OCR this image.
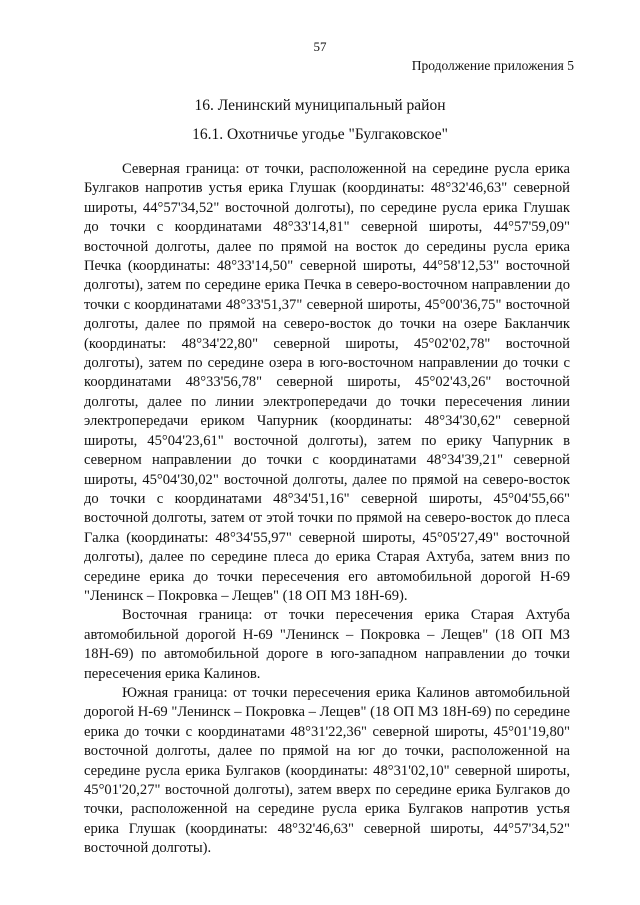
57
Продолжение приложения 5
16. Ленинский муниципальный район
16.1. Охотничье угодье "Булгаковское"

Северная граница: от точки, расположенной на середине русла ерика Булгаков напротив устья ерика Глушак (координаты: 48°32'46,63" северной широты, 44°57'34,52" восточной долготы), по середине русла ерика Глушак до точки с координатами 48°33'14,81" северной широты, 44°57'59,09" восточной долготы, далее по прямой на восток до середины русла ерика Печка (координаты: 48°33'14,50" северной широты, 44°58'12,53" восточной долготы), затем по середине ерика Печка в северо-восточном направлении до точки с координатами 48°33'51,37" северной широты, 45°00'36,75" восточной долготы, далее по прямой на северо-восток до точки на озере Бакланчик (координаты: 48°34'22,80" северной широты, 45°02'02,78" восточной долготы), затем по середине озера в юго-восточном направлении до точки с координатами 48°33'56,78" северной широты, 45°02'43,26" восточной долготы, далее по линии электропередачи до точки пересечения линии электропередачи ериком Чапурник (координаты: 48°34'30,62" северной широты, 45°04'23,61" восточной долготы), затем по ерику Чапурник в северном направлении до точки с координатами 48°34'39,21" северной широты, 45°04'30,02" восточной долготы, далее по прямой на северо-восток до точки с координатами 48°34'51,16" северной широты, 45°04'55,66" восточной долготы, затем от этой точки по прямой на северо-восток до плеса Галка (координаты: 48°34'55,97" северной широты, 45°05'27,49" восточной долготы), далее по середине плеса до ерика Старая Ахтуба, затем вниз по середине ерика до точки пересечения его автомобильной дорогой Н-69 "Ленинск – Покровка – Лещев" (18 ОП МЗ 18Н-69).

Восточная граница: от точки пересечения ерика Старая Ахтуба автомобильной дорогой Н-69 "Ленинск – Покровка – Лещев" (18 ОП МЗ 18Н-69) по автомобильной дороге в юго-западном направлении до точки пересечения ерика Калинов.

Южная граница: от точки пересечения ерика Калинов автомобильной дорогой Н-69 "Ленинск – Покровка – Лещев" (18 ОП МЗ 18Н-69) по середине ерика до точки с координатами 48°31'22,36" северной широты, 45°01'19,80" восточной долготы, далее по прямой на юг до точки, расположенной на середине русла ерика Булгаков (координаты: 48°31'02,10" северной широты, 45°01'20,27" восточной долготы), затем вверх по середине ерика Булгаков до точки, расположенной на середине русла ерика Булгаков напротив устья ерика Глушак (координаты: 48°32'46,63" северной широты, 44°57'34,52" восточной долготы).
